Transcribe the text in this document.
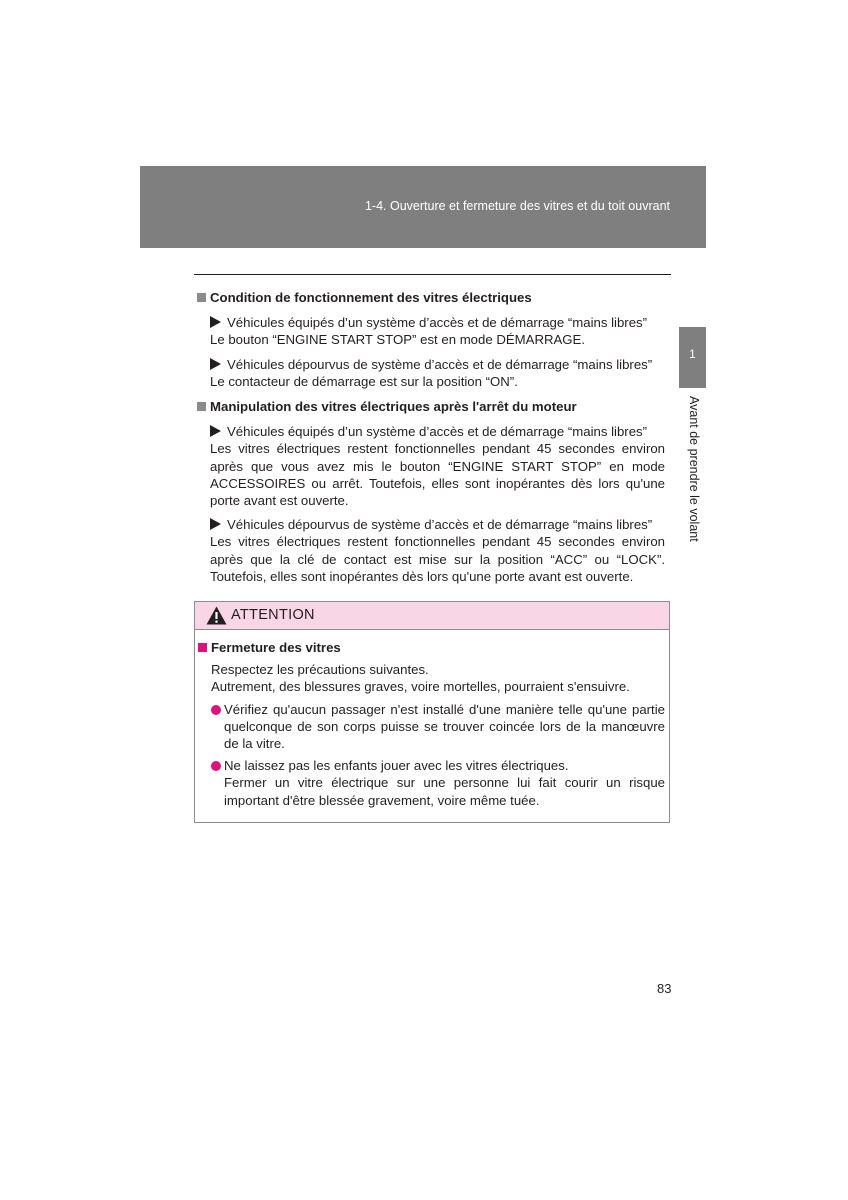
1-4. Ouverture et fermeture des vitres et du toit ouvrant
1
Avant de prendre le volant

Condition de fonctionnement des vitres électriques

Véhicules équipés d’un système d’accès et de démarrage “mains libres”
Le bouton “ENGINE START STOP” est en mode DÉMARRAGE.
Véhicules dépourvus de système d’accès et de démarrage “mains libres”
Le contacteur de démarrage est sur la position “ON”.

Manipulation des vitres électriques après l'arrêt du moteur

Véhicules équipés d’un système d’accès et de démarrage “mains libres”
Les vitres électriques restent fonctionnelles pendant 45 secondes environ
après que vous avez mis le bouton “ENGINE START STOP” en mode
ACCESSOIRES ou arrêt. Toutefois, elles sont inopérantes dès lors qu'une
porte avant est ouverte.
Véhicules dépourvus de système d’accès et de démarrage “mains libres”
Les vitres électriques restent fonctionnelles pendant 45 secondes environ
après que la clé de contact est mise sur la position “ACC” ou “LOCK”.
Toutefois, elles sont inopérantes dès lors qu'une porte avant est ouverte.
ATTENTION

Fermeture des vitres

Respectez les précautions suivantes.
Autrement, des blessures graves, voire mortelles, pourraient s'ensuivre.
Vérifiez qu'aucun passager n'est installé d'une manière telle qu'une partie
quelconque de son corps puisse se trouver coincée lors de la manœuvre
de la vitre.
Ne laissez pas les enfants jouer avec les vitres électriques.
Fermer un vitre électrique sur une personne lui fait courir un risque
important d'être blessée gravement, voire même tuée.
83
